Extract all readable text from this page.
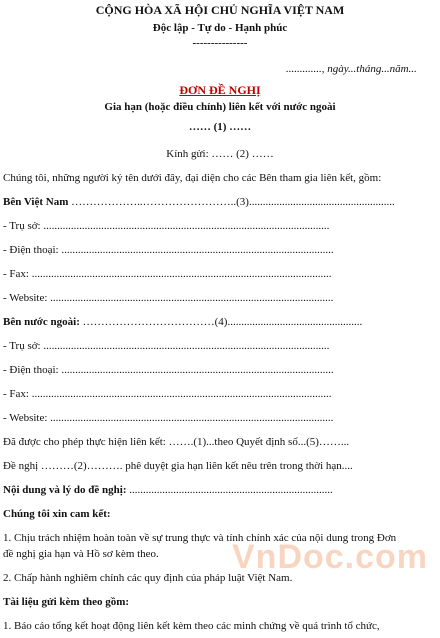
CỘNG HÒA XÃ HỘI CHỦ NGHĨA VIỆT NAM
Độc lập - Tự do - Hạnh phúc
---------------
............., ngày...tháng...năm...
ĐƠN ĐỀ NGHỊ
Gia hạn (hoặc điều chỉnh) liên kết với nước ngoài
…… (1) ……
Kính gửi: …… (2) ……
Chúng tôi, những người ký tên dưới đây, đại diện cho các Bên tham gia liên kết, gồm:
Bên Việt Nam ………………..……………………..(3).....................................................
- Trụ sở: ........................................................................................................
- Điện thoại: ...................................................................................................
- Fax: .............................................................................................................
- Website: .......................................................................................................
Bên nước ngoài: ………………………………(4).................................................
- Trụ sở: ........................................................................................................
- Điện thoại: ...................................................................................................
- Fax: .............................................................................................................
- Website: .......................................................................................................
Đã được cho phép thực hiện liên kết: …….(1)...theo Quyết định số...(5)……...
Đề nghị ………(2)………. phê duyệt gia hạn liên kết nêu trên trong thời hạn....
Nội dung và lý do đề nghị: ..........................................................................
Chúng tôi xin cam kết:
1. Chịu trách nhiệm hoàn toàn về sự trung thực và tính chính xác của nội dung trong Đơn
đề nghị gia hạn và Hồ sơ kèm theo.
2. Chấp hành nghiêm chỉnh các quy định của pháp luật Việt Nam.
Tài liệu gửi kèm theo gồm:
1. Báo cáo tổng kết hoạt động liên kết kèm theo các minh chứng về quá trình tổ chức,
VnDoc.com
